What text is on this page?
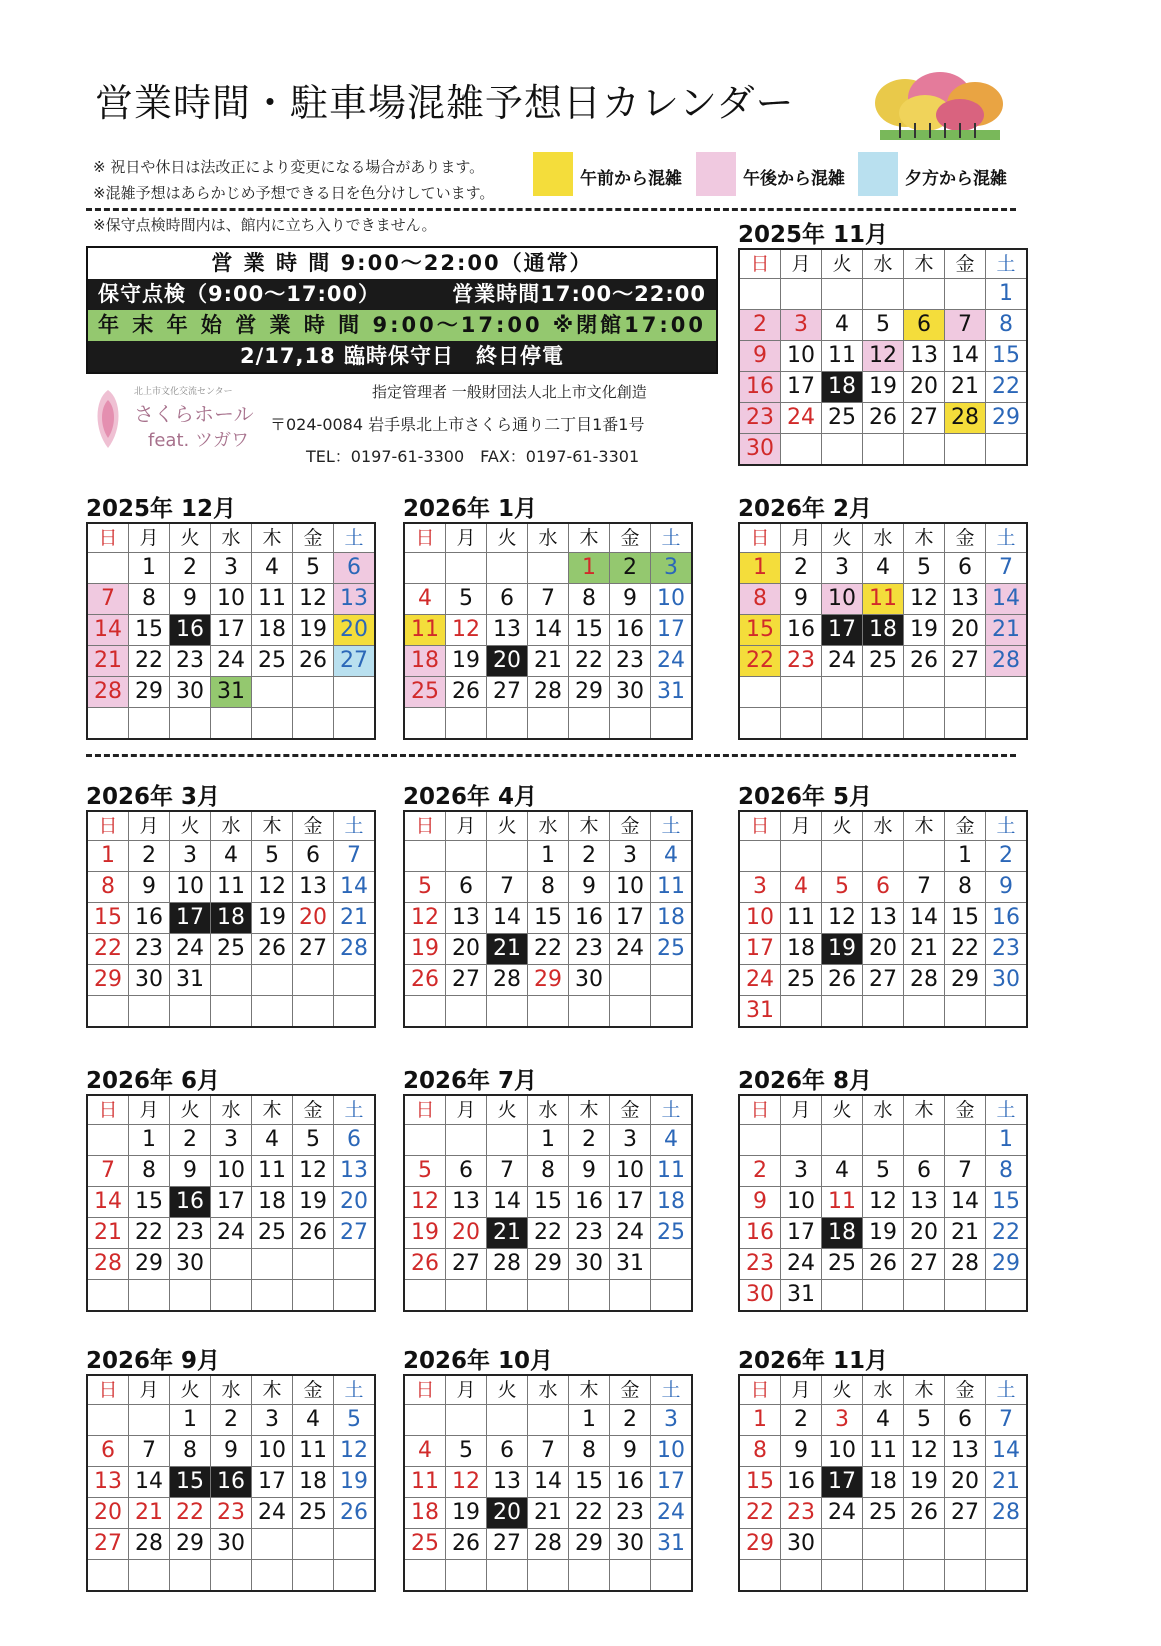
営業時間・駐車場混雑予想日カレンダー
※ 祝日や休日は法改正により変更になる場合があります。
※混雑予想はあらかじめ予想できる日を色分けしています。
※保守点検時間内は、館内に立ち入りできません。
午前から混雑	午後から混雑	夕方から混雑
営 業 時 間 9:00〜22:00（通常）
保守点検（9:00〜17:00）	営業時間17:00〜22:00
年 末 年 始 営 業 時 間 9:00〜17:00 ※閉館17:00
2/17,18 臨時保守日　終日停電
指定管理者 一般財団法人北上市文化創造
〒024-0084 岩手県北上市さくら通り二丁目1番1号
TEL：0197-61-3300　FAX：0197-61-3301
北上市文化交流センター
さくらホール
feat. ツガワ
2025年 11月
日	月	火	水	木	金	土
						1
2	3	4	5	6	7	8
9	10	11	12	13	14	15
16	17	18	19	20	21	22
23	24	25	26	27	28	29
30						
2025年 12月
日	月	火	水	木	金	土
	1	2	3	4	5	6
7	8	9	10	11	12	13
14	15	16	17	18	19	20
21	22	23	24	25	26	27
28	29	30	31			

2026年 1月
日	月	火	水	木	金	土
				1	2	3
4	5	6	7	8	9	10
11	12	13	14	15	16	17
18	19	20	21	22	23	24
25	26	27	28	29	30	31

2026年 2月
日	月	火	水	木	金	土
1	2	3	4	5	6	7
8	9	10	11	12	13	14
15	16	17	18	19	20	21
22	23	24	25	26	27	28

2026年 3月
日	月	火	水	木	金	土
1	2	3	4	5	6	7
8	9	10	11	12	13	14
15	16	17	18	19	20	21
22	23	24	25	26	27	28
29	30	31				

2026年 4月
日	月	火	水	木	金	土
			1	2	3	4
5	6	7	8	9	10	11
12	13	14	15	16	17	18
19	20	21	22	23	24	25
26	27	28	29	30		

2026年 5月
日	月	火	水	木	金	土
					1	2
3	4	5	6	7	8	9
10	11	12	13	14	15	16
17	18	19	20	21	22	23
24	25	26	27	28	29	30
31						
2026年 6月
日	月	火	水	木	金	土
	1	2	3	4	5	6
7	8	9	10	11	12	13
14	15	16	17	18	19	20
21	22	23	24	25	26	27
28	29	30				

2026年 7月
日	月	火	水	木	金	土
			1	2	3	4
5	6	7	8	9	10	11
12	13	14	15	16	17	18
19	20	21	22	23	24	25
26	27	28	29	30	31	

2026年 8月
日	月	火	水	木	金	土
						1
2	3	4	5	6	7	8
9	10	11	12	13	14	15
16	17	18	19	20	21	22
23	24	25	26	27	28	29
30	31					
2026年 9月
日	月	火	水	木	金	土
		1	2	3	4	5
6	7	8	9	10	11	12
13	14	15	16	17	18	19
20	21	22	23	24	25	26
27	28	29	30			

2026年 10月
日	月	火	水	木	金	土
				1	2	3
4	5	6	7	8	9	10
11	12	13	14	15	16	17
18	19	20	21	22	23	24
25	26	27	28	29	30	31

2026年 11月
日	月	火	水	木	金	土
1	2	3	4	5	6	7
8	9	10	11	12	13	14
15	16	17	18	19	20	21
22	23	24	25	26	27	28
29	30					
